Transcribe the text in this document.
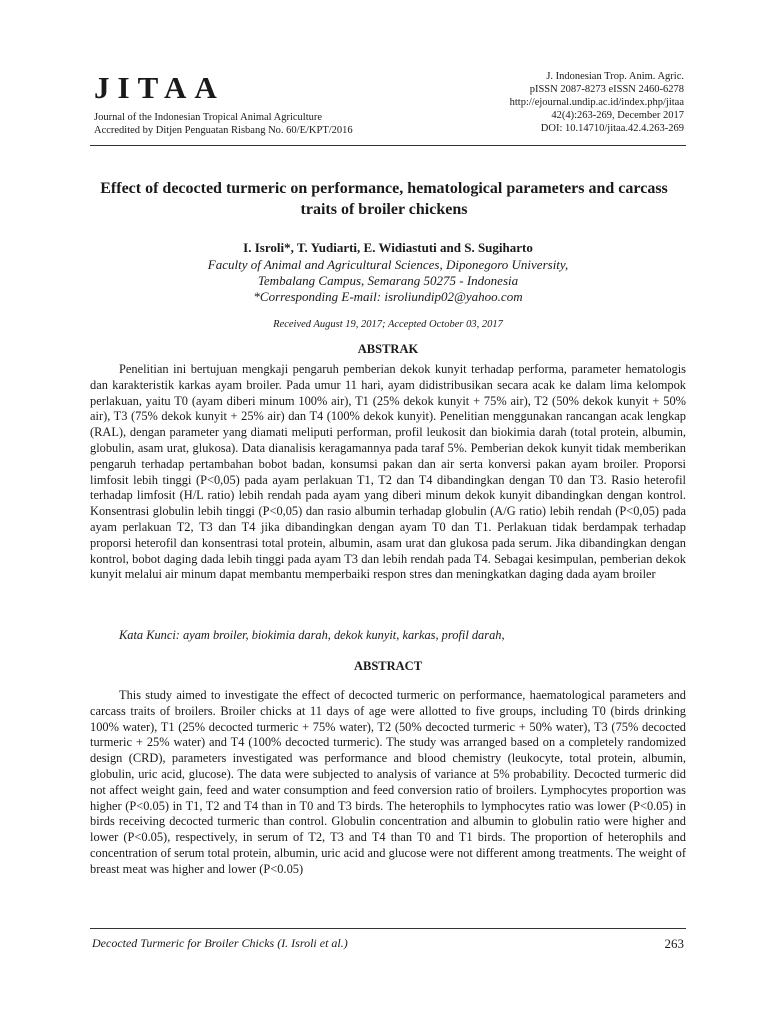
JITAA
Journal of the Indonesian Tropical Animal Agriculture
Accredited by Ditjen Penguatan Risbang No. 60/E/KPT/2016
J. Indonesian Trop. Anim. Agric.
pISSN 2087-8273 eISSN 2460-6278
http://ejournal.undip.ac.id/index.php/jitaa
42(4):263-269, December 2017
DOI: 10.14710/jitaa.42.4.263-269
Effect of decocted turmeric on performance, hematological parameters and carcass traits of broiler chickens
I. Isroli*, T. Yudiarti, E. Widiastuti and S. Sugiharto
Faculty of Animal and Agricultural Sciences, Diponegoro University,
Tembalang Campus, Semarang 50275 - Indonesia
*Corresponding E-mail: isroliundip02@yahoo.com
Received August 19, 2017; Accepted October 03, 2017
ABSTRAK
Penelitian ini bertujuan mengkaji pengaruh pemberian dekok kunyit terhadap performa, parameter hematologis dan karakteristik karkas ayam broiler. Pada umur 11 hari, ayam didistribusikan secara acak ke dalam lima kelompok perlakuan, yaitu T0 (ayam diberi minum 100% air), T1 (25% dekok kunyit + 75% air), T2 (50% dekok kunyit + 50% air), T3 (75% dekok kunyit + 25% air) dan T4 (100% dekok kunyit). Penelitian menggunakan rancangan acak lengkap (RAL), dengan parameter yang diamati meliputi performan, profil leukosit dan biokimia darah (total protein, albumin, globulin, asam urat, glukosa). Data dianalisis keragamannya pada taraf 5%. Pemberian dekok kunyit tidak memberikan pengaruh terhadap pertambahan bobot badan, konsumsi pakan dan air serta konversi pakan ayam broiler. Proporsi limfosit lebih tinggi (P<0,05) pada ayam perlakuan T1, T2 dan T4 dibandingkan dengan T0 dan T3. Rasio heterofil terhadap limfosit (H/L ratio) lebih rendah pada ayam yang diberi minum dekok kunyit dibandingkan dengan kontrol. Konsentrasi globulin lebih tinggi (P<0,05) dan rasio albumin terhadap globulin (A/G ratio) lebih rendah (P<0,05) pada ayam perlakuan T2, T3 dan T4 jika dibandingkan dengan ayam T0 dan T1. Perlakuan tidak berdampak terhadap proporsi heterofil dan konsentrasi total protein, albumin, asam urat dan glukosa pada serum. Jika dibandingkan dengan kontrol, bobot daging dada lebih tinggi pada ayam T3 dan lebih rendah pada T4. Sebagai kesimpulan, pemberian dekok kunyit melalui air minum dapat membantu memperbaiki respon stres dan meningkatkan daging dada ayam broiler
Kata Kunci: ayam broiler, biokimia darah, dekok kunyit, karkas, profil darah,
ABSTRACT
This study aimed to investigate the effect of decocted turmeric on performance, haematological parameters and carcass traits of broilers. Broiler chicks at 11 days of age were allotted to five groups, including T0 (birds drinking 100% water), T1 (25% decocted turmeric + 75% water), T2 (50% decocted turmeric + 50% water), T3 (75% decocted turmeric + 25% water) and T4 (100% decocted turmeric). The study was arranged based on a completely randomized design (CRD), parameters investigated was performance and blood chemistry (leukocyte, total protein, albumin, globulin, uric acid, glucose). The data were subjected to analysis of variance at 5% probability. Decocted turmeric did not affect weight gain, feed and water consumption and feed conversion ratio of broilers. Lymphocytes proportion was higher (P<0.05) in T1, T2 and T4 than in T0 and T3 birds. The heterophils to lymphocytes ratio was lower (P<0.05) in birds receiving decocted turmeric than control. Globulin concentration and albumin to globulin ratio were higher and lower (P<0.05), respectively, in serum of T2, T3 and T4 than T0 and T1 birds. The proportion of heterophils and concentration of serum total protein, albumin, uric acid and glucose were not different among treatments. The weight of breast meat was higher and lower (P<0.05)
Decocted Turmeric for Broiler Chicks (I. Isroli et al.)	263
